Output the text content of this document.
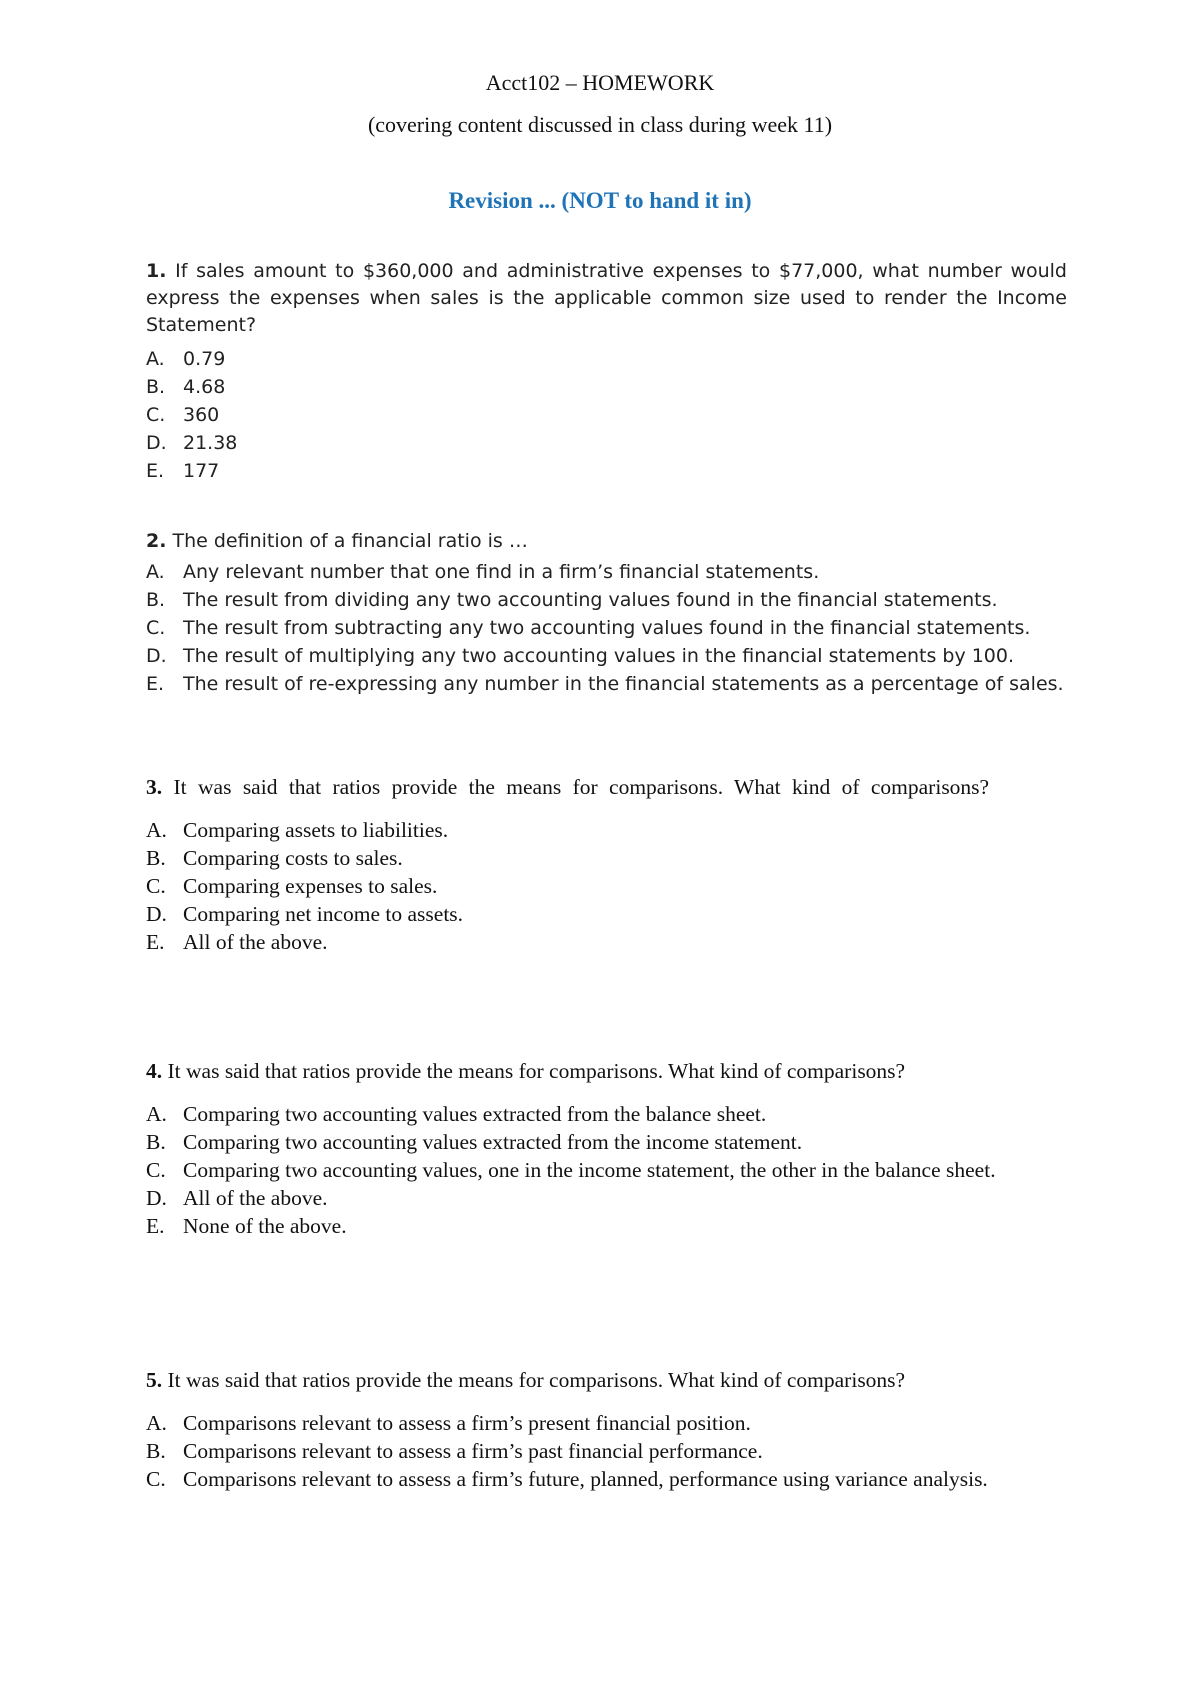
Acct102 – HOMEWORK
(covering content discussed in class during week 11)
Revision ... (NOT to hand it in)

1. If sales amount to $360,000 and administrative expenses to $77,000, what number would express the expenses when sales is the applicable common size used to render the Income Statement?

A. 0.79
B. 4.68
C. 360
D. 21.38
E. 177

2. The definition of a financial ratio is …

A. Any relevant number that one find in a firm’s financial statements.
B. The result from dividing any two accounting values found in the financial statements.
C. The result from subtracting any two accounting values found in the financial statements.
D. The result of multiplying any two accounting values in the financial statements by 100.
E. The result of re-expressing any number in the financial statements as a percentage of sales.

3. It was said that ratios provide the means for comparisons. What kind of comparisons?

A. Comparing assets to liabilities.
B. Comparing costs to sales.
C. Comparing expenses to sales.
D. Comparing net income to assets.
E. All of the above.

4. It was said that ratios provide the means for comparisons. What kind of comparisons?

A. Comparing two accounting values extracted from the balance sheet.
B. Comparing two accounting values extracted from the income statement.
C. Comparing two accounting values, one in the income statement, the other in the balance sheet.
D. All of the above.
E. None of the above.

5. It was said that ratios provide the means for comparisons. What kind of comparisons?

A. Comparisons relevant to assess a firm’s present financial position.
B. Comparisons relevant to assess a firm’s past financial performance.
C. Comparisons relevant to assess a firm’s future, planned, performance using variance analysis.
